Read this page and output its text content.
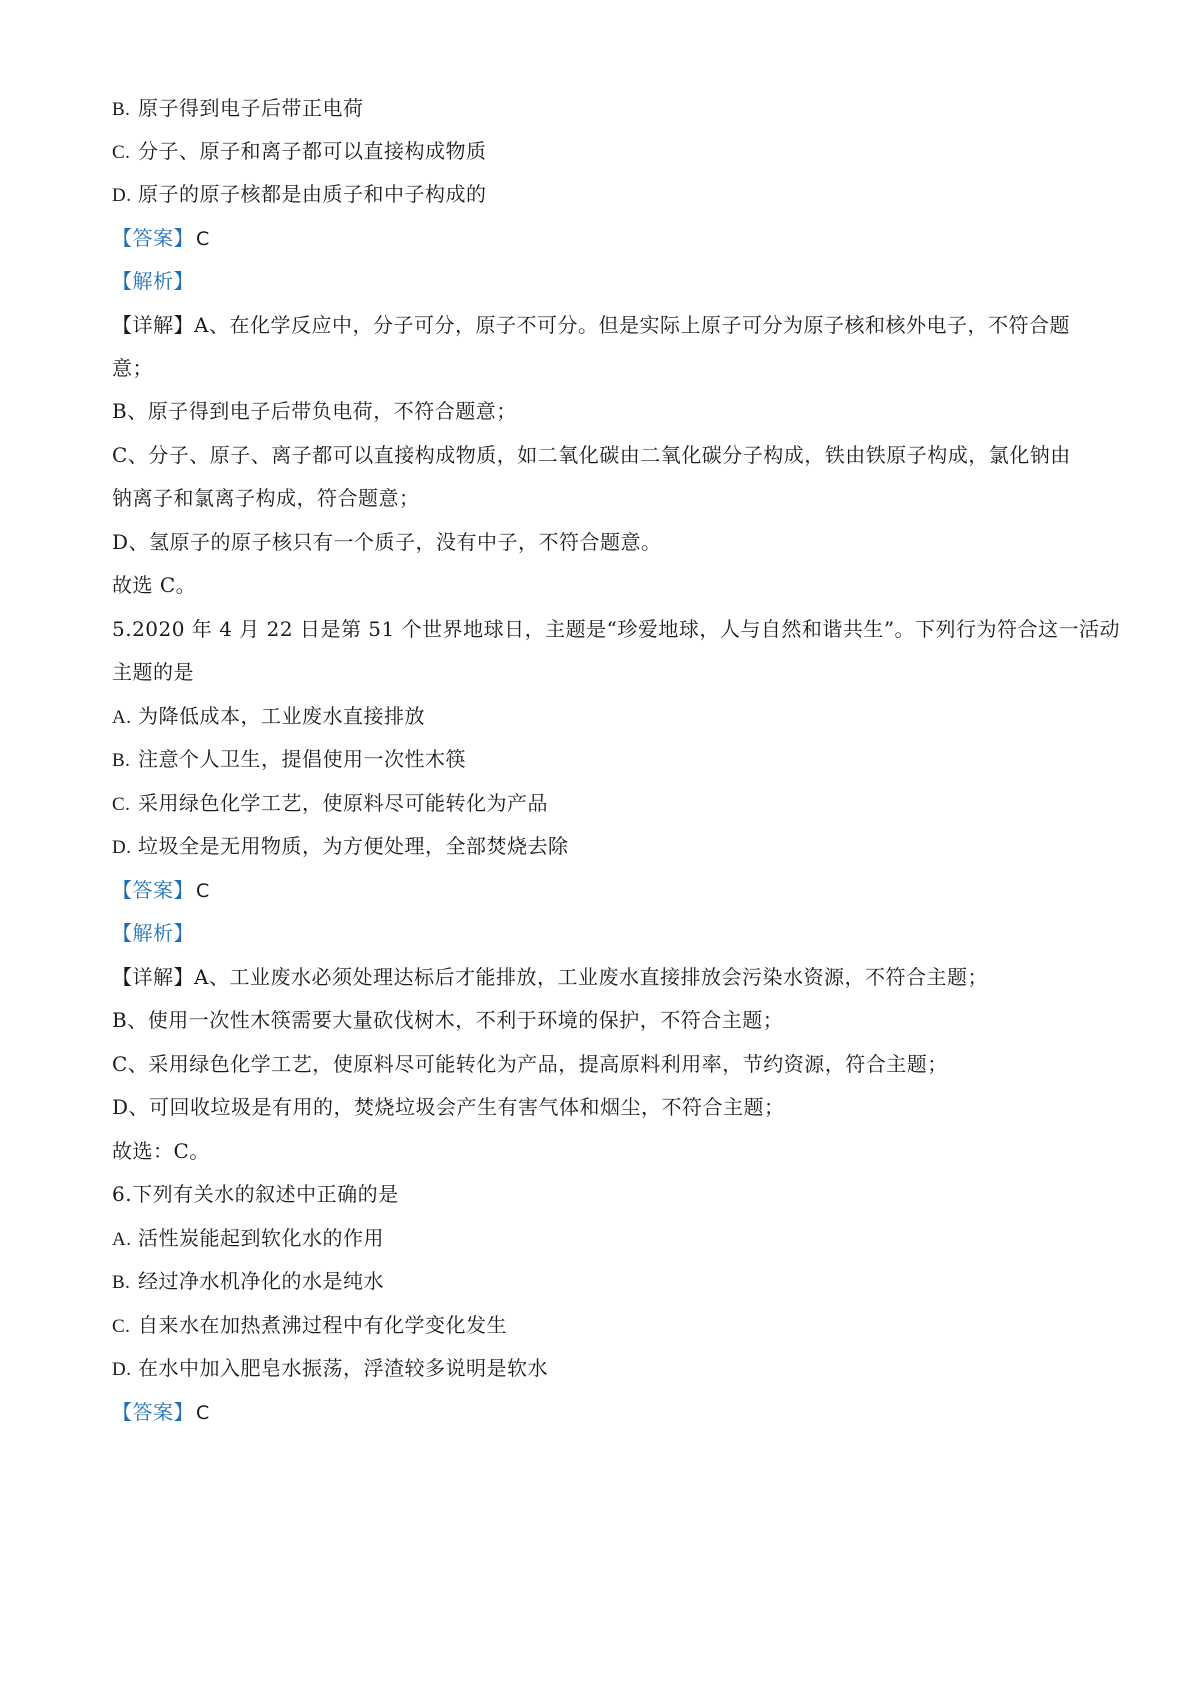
B. 原子得到电子后带正电荷
C. 分子、原子和离子都可以直接构成物质
D. 原子的原子核都是由质子和中子构成的
【答案】 C
【解析】
【详解】A、在化学反应中，分子可分，原子不可分。但是实际上原子可分为原子核和核外电子，不符合题
意；
B、原子得到电子后带负电荷，不符合题意；
C、分子、原子、离子都可以直接构成物质，如二氧化碳由二氧化碳分子构成，铁由铁原子构成，氯化钠由
钠离子和氯离子构成，符合题意；
D、氢原子的原子核只有一个质子，没有中子，不符合题意。
故选 C。
5.2020 年 4 月 22 日是第 51 个世界地球日，主题是“珍爱地球，人与自然和谐共生”。下列行为符合这一活动
主题的是
A. 为降低成本，工业废水直接排放
B. 注意个人卫生，提倡使用一次性木筷
C. 采用绿色化学工艺，使原料尽可能转化为产品
D. 垃圾全是无用物质，为方便处理，全部焚烧去除
【答案】 C
【解析】
【详解】A、工业废水必须处理达标后才能排放，工业废水直接排放会污染水资源，不符合主题；
B、使用一次性木筷需要大量砍伐树木，不利于环境的保护，不符合主题；
C、采用绿色化学工艺，使原料尽可能转化为产品，提高原料利用率，节约资源，符合主题；
D、可回收垃圾是有用的，焚烧垃圾会产生有害气体和烟尘，不符合主题；
故选：C。
6.下列有关水的叙述中正确的是
A. 活性炭能起到软化水的作用
B. 经过净水机净化的水是纯水
C. 自来水在加热煮沸过程中有化学变化发生
D. 在水中加入肥皂水振荡，浮渣较多说明是软水
【答案】 C
